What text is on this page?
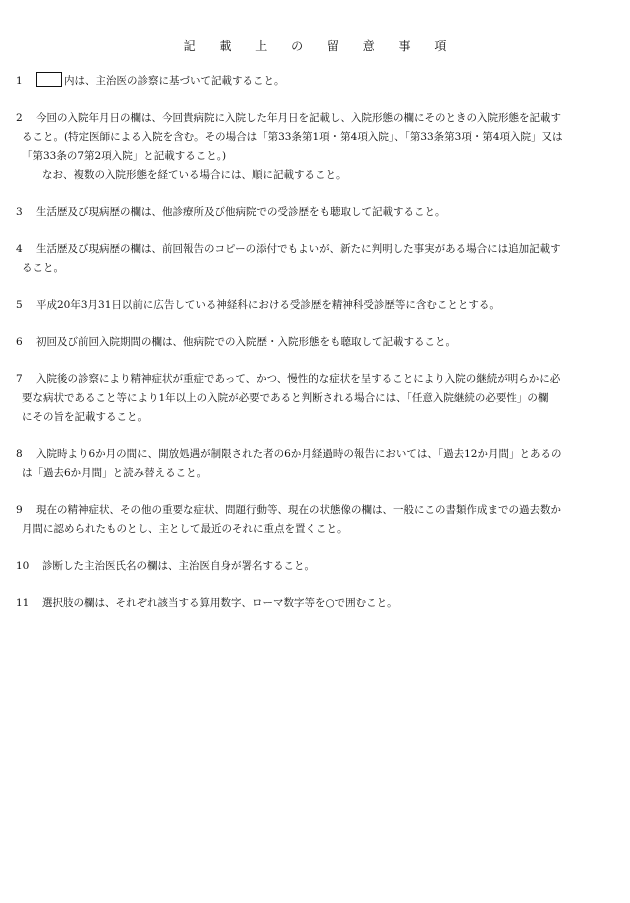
記 載 上 の 留 意 事 項
1	内は、主治医の診察に基づいて記載すること。
2 今回の入院年月日の欄は、今回貴病院に入院した年月日を記載し、入院形態の欄にそのときの入院形態を記載す
ること。(特定医師による入院を含む。その場合は「第33条第1項・第4項入院」、「第33条第3項・第4項入院」又は
「第33条の7第2項入院」と記載すること。)
なお、複数の入院形態を経ている場合には、順に記載すること。
3 生活歴及び現病歴の欄は、他診療所及び他病院での受診歴をも聴取して記載すること。
4 生活歴及び現病歴の欄は、前回報告のコピーの添付でもよいが、新たに判明した事実がある場合には追加記載す
ること。
5 平成20年3月31日以前に広告している神経科における受診歴を精神科受診歴等に含むこととする。
6 初回及び前回入院期間の欄は、他病院での入院歴・入院形態をも聴取して記載すること。
7 入院後の診察により精神症状が重症であって、かつ、慢性的な症状を呈することにより入院の継続が明らかに必
要な病状であること等により1年以上の入院が必要であると判断される場合には、「任意入院継続の必要性」の欄
にその旨を記載すること。
8 入院時より6か月の間に、開放処遇が制限された者の6か月経過時の報告においては、「過去12か月間」とあるの
は「過去6か月間」と読み替えること。
9 現在の精神症状、その他の重要な症状、問題行動等、現在の状態像の欄は、一般にこの書類作成までの過去数か
月間に認められたものとし、主として最近のそれに重点を置くこと。
10 診断した主治医氏名の欄は、主治医自身が署名すること。
11 選択肢の欄は、それぞれ該当する算用数字、ローマ数字等を○で囲むこと。
